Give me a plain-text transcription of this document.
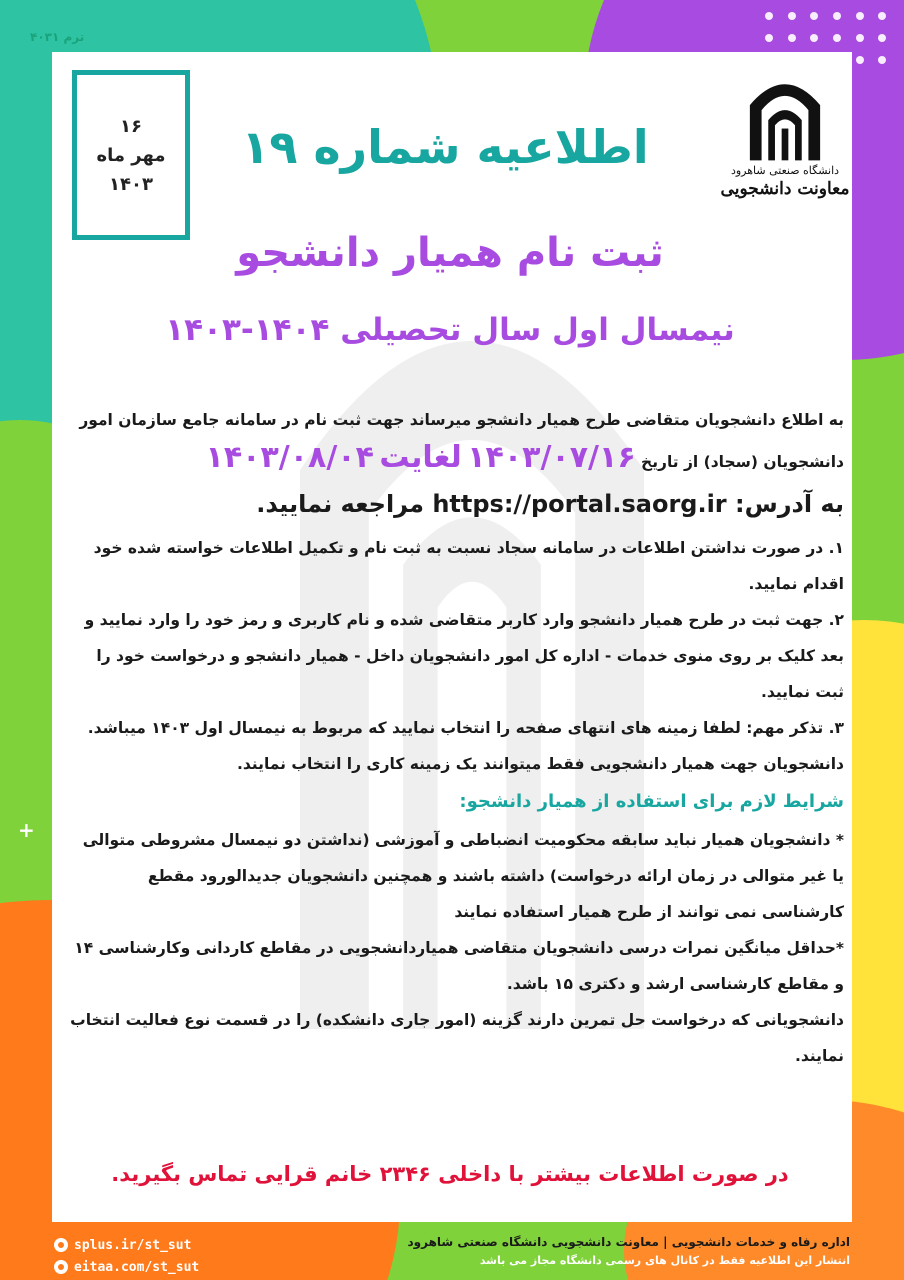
+
ترم ۴۰۳۱
۱۶
مهر ماه
۱۴۰۳
دانشگاه صنعتی شاهرود
معاونت دانشجویی
اطلاعیه شماره ۱۹
ثبت نام همیار دانشجو
نیمسال اول سال تحصیلی ۱۴۰۴-۱۴۰۳

به اطلاع دانشجویان متقاضی طرح همیار دانشجو میرساند جهت ثبت نام در سامانه جامع سازمان امور

دانشجویان (سجاد) از تاریخ ۱۴۰۳/۰۷/۱۶ لغایت ۱۴۰۳/۰۸/۰۴

به آدرس: https://portal.saorg.ir مراجعه نمایید.

۱. در صورت نداشتن اطلاعات در سامانه سجاد نسبت به ثبت نام و تکمیل اطلاعات خواسته شده خود اقدام نمایید.

۲. جهت ثبت در طرح همیار دانشجو وارد کاربر متقاضی شده و نام کاربری و رمز خود را وارد نمایید و بعد کلیک بر روی منوی خدمات - اداره کل امور دانشجویان داخل - همیار دانشجو و درخواست خود را ثبت نمایید.

۳. تذکر مهم: لطفا زمینه های انتهای صفحه را انتخاب نمایید که مربوط به نیمسال اول ۱۴۰۳ میباشد. دانشجویان جهت همیار دانشجویی فقط میتوانند یک زمینه کاری را انتخاب نمایند.

شرایط لازم برای استفاده از همیار دانشجو:

* دانشجویان همیار نباید سابقه محکومیت انضباطی و آموزشی (نداشتن دو نیمسال مشروطی متوالی یا غیر متوالی در زمان ارائه درخواست) داشته باشند و همچنین دانشجویان جدیدالورود مقطع کارشناسی نمی توانند از طرح همیار استفاده نمایند

*حداقل میانگین نمرات درسی دانشجویان متقاضی همیاردانشجویی در مقاطع کاردانی وکارشناسی ۱۴ و مقاطع کارشناسی ارشد و دکتری ۱۵ باشد.

دانشجویانی که درخواست حل تمرین دارند گزینه (امور جاری دانشکده) را در قسمت نوع فعالیت انتخاب نمایند.

در صورت اطلاعات بیشتر با داخلی ۲۳۴۶ خانم قرایی تماس بگیرید.
splus.ir/st_sut
eitaa.com/st_sut
اداره رفاه و خدمات دانشجویی | معاونت دانشجویی دانشگاه صنعتی شاهرود
انتشار این اطلاعیه فقط در کانال های رسمی دانشگاه مجاز می باشد
